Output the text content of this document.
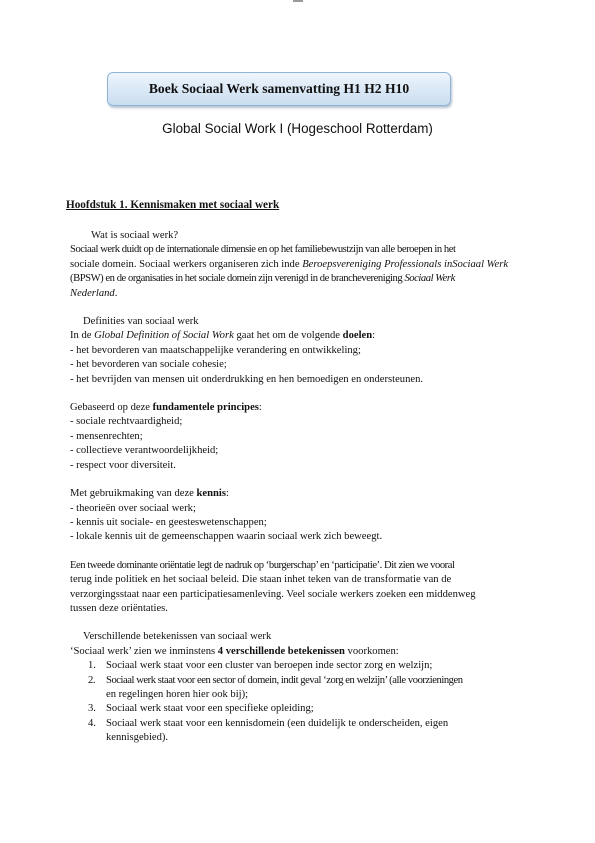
Boek Sociaal Werk samenvatting H1 H2 H10
Global Social Work I (Hogeschool Rotterdam)
Hoofdstuk 1. Kennismaken met sociaal werk
Wat is sociaal werk?
Sociaal werk duidt op de internationale dimensie en op het familiebewustzijn van alle beroepen in het
sociale domein. Sociaal werkers organiseren zich inde Beroepsvereniging Professionals inSociaal Werk
(BPSW) en de organisaties in het sociale domein zijn verenigd in de branchevereniging Sociaal Werk
Nederland.
Definities van sociaal werk
In de Global Definition of Social Work gaat het om de volgende doelen:
- het bevorderen van maatschappelijke verandering en ontwikkeling;
- het bevorderen van sociale cohesie;
- het bevrijden van mensen uit onderdrukking en hen bemoedigen en ondersteunen.
Gebaseerd op deze fundamentele principes:
- sociale rechtvaardigheid;
- mensenrechten;
- collectieve verantwoordelijkheid;
- respect voor diversiteit.
Met gebruikmaking van deze kennis:
- theorieën over sociaal werk;
- kennis uit sociale- en geesteswetenschappen;
- lokale kennis uit de gemeenschappen waarin sociaal werk zich beweegt.
Een tweede dominante oriëntatie legt de nadruk op ‘burgerschap’ en ‘participatie’. Dit zien we vooral
terug inde politiek en het sociaal beleid. Die staan inhet teken van de transformatie van de
verzorgingsstaat naar een participatiesamenleving. Veel sociale werkers zoeken een middenweg
tussen deze oriëntaties.
Verschillende betekenissen van sociaal werk
‘Sociaal werk’ zien we inminstens 4 verschillende betekenissen voorkomen:
1. Sociaal werk staat voor een cluster van beroepen inde sector zorg en welzijn;
2. Sociaal werk staat voor een sector of domein, indit geval ‘zorg en welzijn’ (alle voorzieningen
en regelingen horen hier ook bij);
3. Sociaal werk staat voor een specifieke opleiding;
4. Sociaal werk staat voor een kennisdomein (een duidelijk te onderscheiden, eigen
kennisgebied).
